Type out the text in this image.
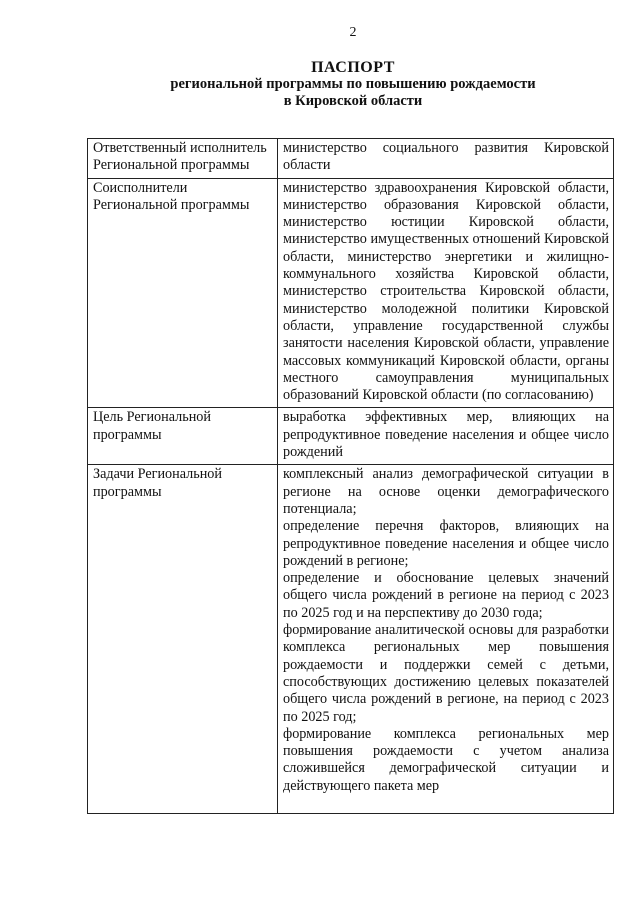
2
ПАСПОРТ
региональной программы по повышению рождаемости
в Кировской области
Ответственный исполнитель Региональной программы	министерство социального развития Кировской области
Соисполнители Региональной программы	министерство здравоохранения Кировской области, министерство образования Кировской области, министерство юстиции Кировской области, министерство имущественных отношений Кировской области, министерство энергетики и жилищно-коммунального хозяйства Кировской области, министерство строительства Кировской области, министерство молодежной политики Кировской области, управление государственной службы занятости населения Кировской области, управление массовых коммуникаций Кировской области, органы местного самоуправления муниципальных образований Кировской области (по согласованию)
Цель Региональной программы	выработка эффективных мер, влияющих на репродуктивное поведение населения и общее число рождений
Задачи Региональной программы	комплексный анализ демографической ситуации в регионе на основе оценки демографического потенциала;
определение перечня факторов, влияющих на репродуктивное поведение населения и общее число рождений в регионе;
определение и обоснование целевых значений общего числа рождений в регионе на период с 2023 по 2025 год и на перспективу до 2030 года;
формирование аналитической основы для разработки комплекса региональных мер повышения рождаемости и поддержки семей с детьми, способствующих достижению целевых показателей общего числа рождений в регионе, на период с 2023 по 2025 год;
формирование комплекса региональных мер повышения рождаемости с учетом анализа сложившейся демографической ситуации и действующего пакета мер
